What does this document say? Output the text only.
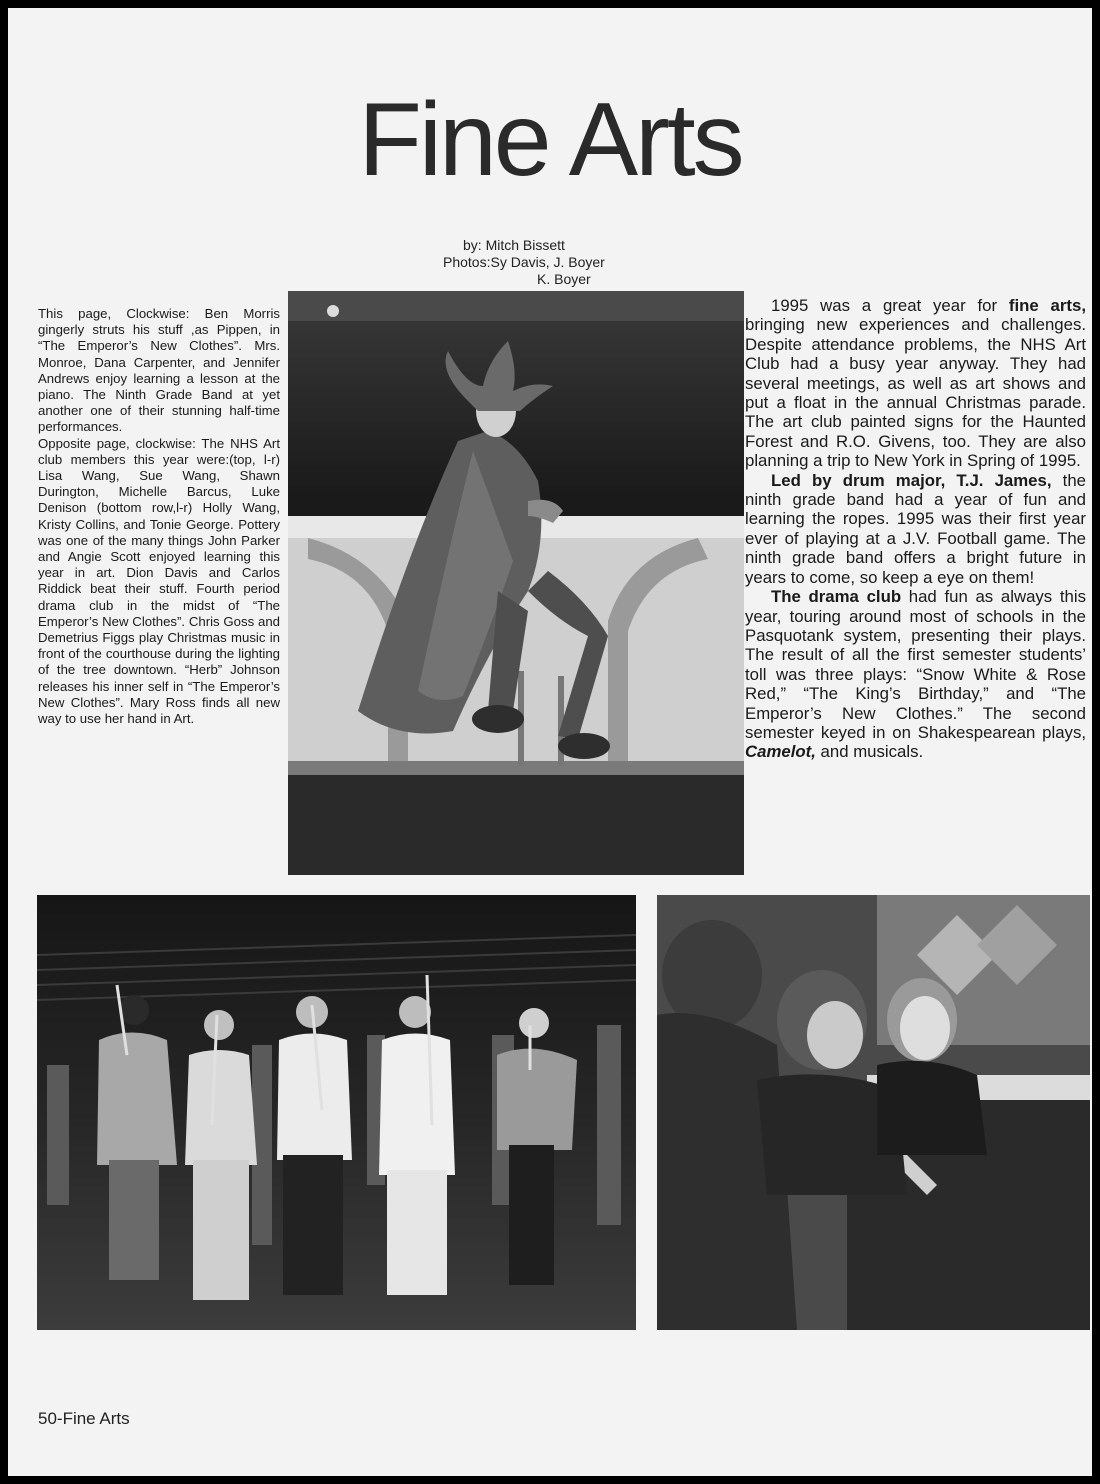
Fine Arts
by: Mitch Bissett
Photos:Sy Davis, J. Boyer
K. Boyer

This page, Clockwise: Ben Morris gingerly struts his stuff ,as Pippen, in “The Emperor’s New Clothes”. Mrs. Monroe, Dana Carpenter, and Jennifer Andrews enjoy learning a lesson at the piano. The Ninth Grade Band at yet another one of their stunning half-time performances.

Opposite page, clockwise: The NHS Art club members this year were:(top, l-r) Lisa Wang, Sue Wang, Shawn Durington, Michelle Barcus, Luke Denison (bottom row,l-r) Holly Wang, Kristy Collins, and Tonie George. Pottery was one of the many things John Parker and Angie Scott enjoyed learning this year in art. Dion Davis and Carlos Riddick beat their stuff. Fourth period drama club in the midst of “The Emperor’s New Clothes”. Chris Goss and Demetrius Figgs play Christmas music in front of the courthouse during the lighting of the tree downtown. “Herb” Johnson releases his inner self in “The Emperor’s New Clothes”. Mary Ross finds all new way to use her hand in Art.

1995 was a great year for fine arts, bringing new experiences and challenges. Despite attendance problems, the NHS Art Club had a busy year anyway. They had several meetings, as well as art shows and put a float in the annual Christmas parade. The art club painted signs for the Haunted Forest and R.O. Givens, too. They are also planning a trip to New York in Spring of 1995.

Led by drum major, T.J. James, the ninth grade band had a year of fun and learning the ropes. 1995 was their first year ever of playing at a J.V. Football game. The ninth grade band offers a bright future in years to come, so keep a eye on them!

The drama club had fun as always this year, touring around most of schools in the Pasquotank system, presenting their plays. The result of all the first semester students’ toll was three plays: “Snow White & Rose Red,” “The King’s Birthday,” and “The Emperor’s New Clothes.” The second semester keyed in on Shakespearean plays, Camelot, and musicals.

50-Fine Arts
